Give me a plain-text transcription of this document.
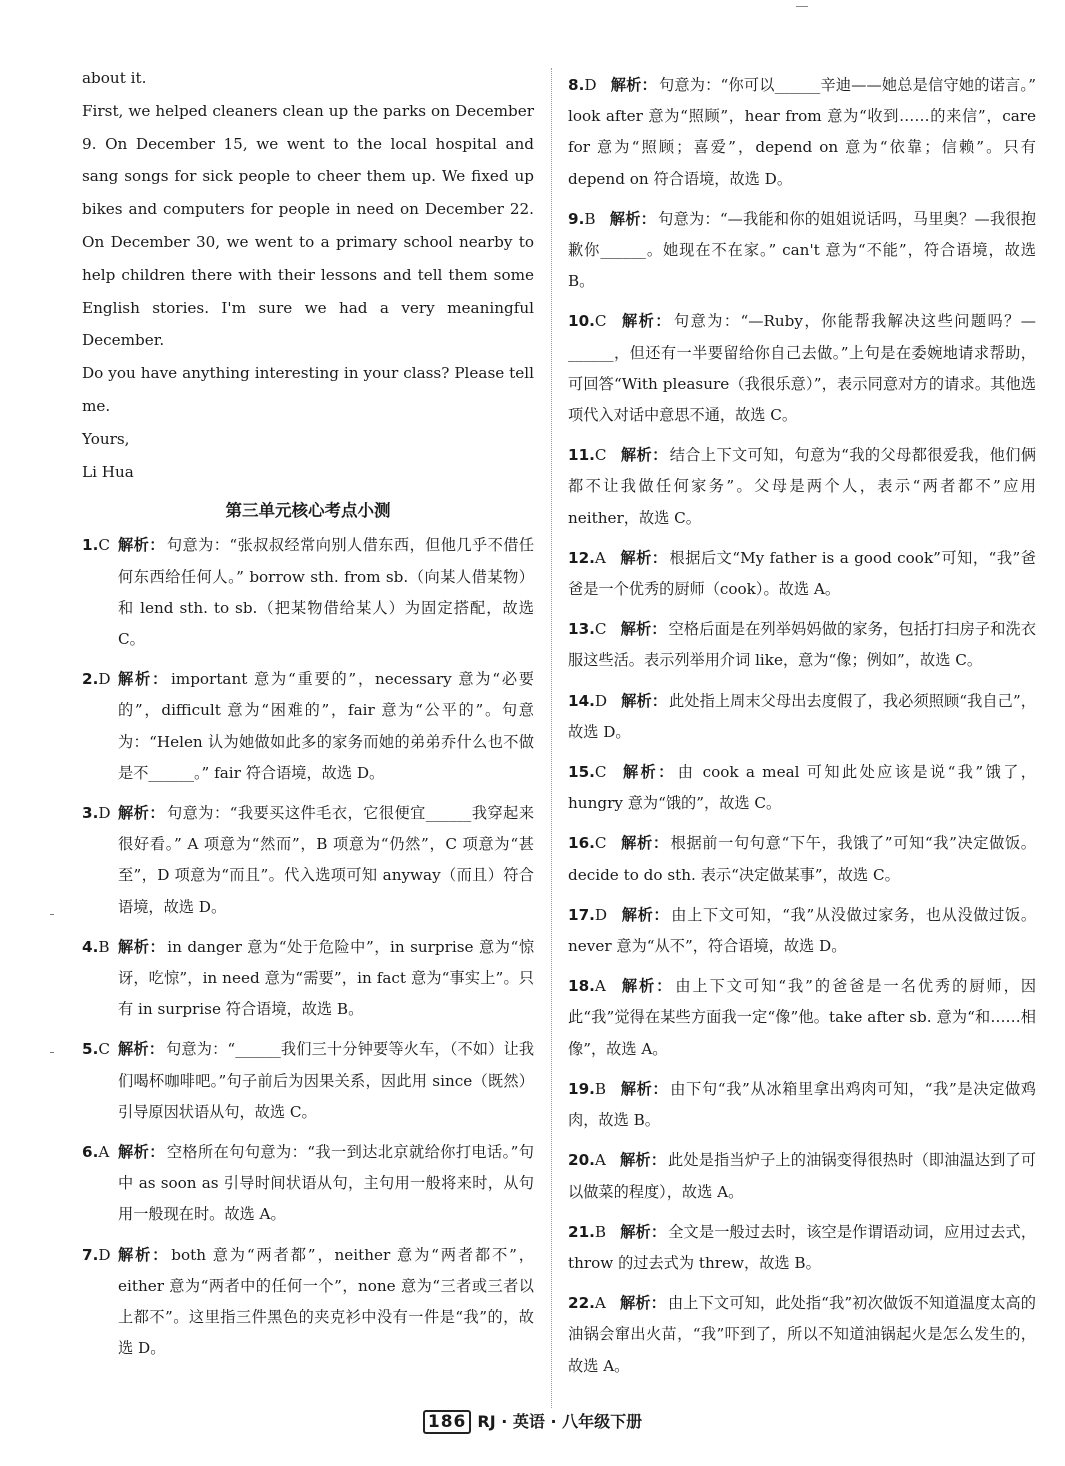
about it.

First, we helped cleaners clean up the parks on December 9. On December 15, we went to the local hospital and sang songs for sick people to cheer them up. We fixed up bikes and computers for people in need on December 22. On December 30, we went to a primary school nearby to help children there with their lessons and tell them some English stories. I'm sure we had a very meaningful December.

Do you have anything interesting in your class? Please tell me.

Yours,

Li Hua

第三单元核心考点小测
1.C 解析： 句意为：“张叔叔经常向别人借东西，但他几乎不借任何东西给任何人。” borrow sth. from sb.（向某人借某物）和 lend sth. to sb.（把某物借给某人）为固定搭配，故选 C。
2.D 解析： important 意为“重要的”，necessary 意为“必要的”，difficult 意为“困难的”，fair 意为“公平的”。句意为：“Helen 认为她做如此多的家务而她的弟弟乔什么也不做是不______。” fair 符合语境，故选 D。
3.D 解析： 句意为：“我要买这件毛衣，它很便宜______我穿起来很好看。” A 项意为“然而”，B 项意为“仍然”，C 项意为“甚至”，D 项意为“而且”。代入选项可知 anyway（而且）符合语境，故选 D。
4.B 解析： in danger 意为“处于危险中”，in surprise 意为“惊讶，吃惊”，in need 意为“需要”，in fact 意为“事实上”。只有 in surprise 符合语境，故选 B。
5.C 解析： 句意为：“______我们三十分钟要等火车，（不如）让我们喝杯咖啡吧。”句子前后为因果关系，因此用 since（既然）引导原因状语从句，故选 C。
6.A 解析： 空格所在句句意为：“我一到达北京就给你打电话。”句中 as soon as 引导时间状语从句，主句用一般将来时，从句用一般现在时。故选 A。
7.D 解析： both 意为“两者都”，neither 意为“两者都不”，either 意为“两者中的任何一个”，none 意为“三者或三者以上都不”。这里指三件黑色的夹克衫中没有一件是“我”的，故选 D。
8.D 解析： 句意为：“你可以______辛迪——她总是信守她的诺言。” look after 意为“照顾”，hear from 意为“收到……的来信”，care for 意为“照顾；喜爱”，depend on 意为“依靠；信赖”。只有 depend on 符合语境，故选 D。
9.B 解析： 句意为：“—我能和你的姐姐说话吗，马里奥？—我很抱歉你______。她现在不在家。” can't 意为“不能”，符合语境，故选 B。
10.C 解析： 句意为：“—Ruby，你能帮我解决这些问题吗？—______，但还有一半要留给你自己去做。”上句是在委婉地请求帮助，可回答“With pleasure（我很乐意）”，表示同意对方的请求。其他选项代入对话中意思不通，故选 C。
11.C 解析： 结合上下文可知，句意为“我的父母都很爱我，他们俩都不让我做任何家务”。父母是两个人，表示“两者都不”应用 neither，故选 C。
12.A 解析： 根据后文“My father is a good cook”可知，“我”爸爸是一个优秀的厨师（cook）。故选 A。
13.C 解析： 空格后面是在列举妈妈做的家务，包括打扫房子和洗衣服这些活。表示列举用介词 like，意为“像；例如”，故选 C。
14.D 解析： 此处指上周末父母出去度假了，我必须照顾“我自己”，故选 D。
15.C 解析： 由 cook a meal 可知此处应该是说“我”饿了，hungry 意为“饿的”，故选 C。
16.C 解析： 根据前一句句意“下午，我饿了”可知“我”决定做饭。decide to do sth. 表示“决定做某事”，故选 C。
17.D 解析： 由上下文可知，“我”从没做过家务，也从没做过饭。never 意为“从不”，符合语境，故选 D。
18.A 解析： 由上下文可知“我”的爸爸是一名优秀的厨师，因此“我”觉得在某些方面我一定“像”他。take after sb. 意为“和……相像”，故选 A。
19.B 解析： 由下句“我”从冰箱里拿出鸡肉可知，“我”是决定做鸡肉，故选 B。
20.A 解析： 此处是指当炉子上的油锅变得很热时（即油温达到了可以做菜的程度），故选 A。
21.B 解析： 全文是一般过去时，该空是作谓语动词，应用过去式，throw 的过去式为 threw，故选 B。
22.A 解析： 由上下文可知，此处指“我”初次做饭不知道温度太高的油锅会窜出火苗，“我”吓到了，所以不知道油锅起火是怎么发生的，故选 A。
186 RJ · 英语 · 八年级下册
